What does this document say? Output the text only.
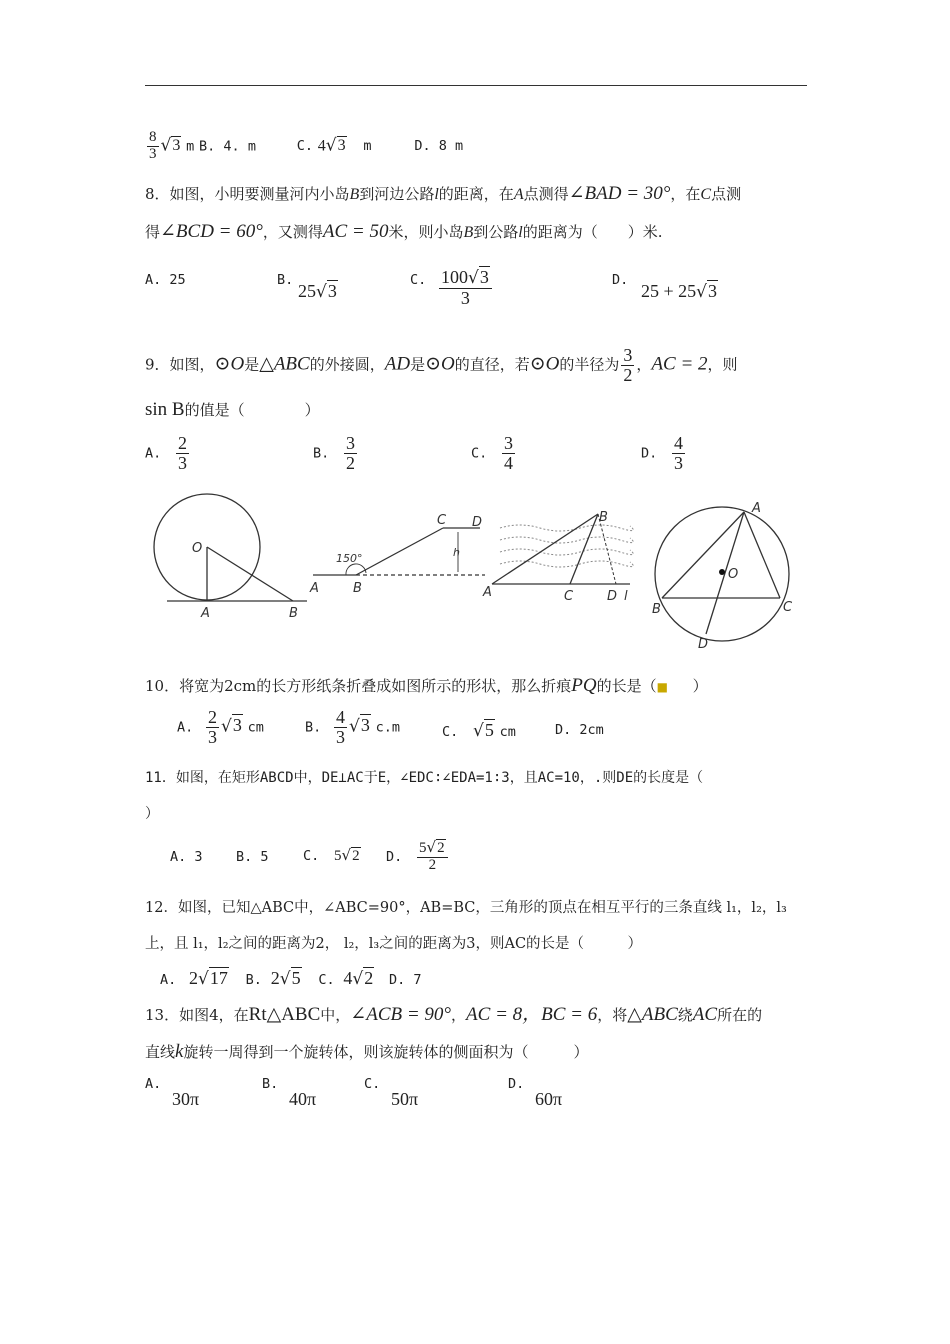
$\frac{8}{3} √3$ m B. 4. m	C. 4√3 m	D. 8 m
8．如图，小明要测量河内小岛B到河边公路l的距离，在A点测得∠BAD = 30°，在C点测
得∠BCD = 60°，又测得AC = 50米，则小岛B到公路l的距离为（　　）米.
A. 25	B.
25√3
C. $\frac{100√3}{3}$	D.
25 + 25√3
9．如图，⊙O是△ABC的外接圆，AD是⊙O的直径，若⊙O的半径为 $\frac{3}{2}$ ，AC = 2，则
sin B的值是（　　　　）
A. $\frac{2}{3}$	B. $\frac{3}{2}$	C. $\frac{3}{4}$	D. $\frac{4}{3}$
O
A	B
C D
150°	h
A	B
B
A	C	D l
A
O
B	C
D
10．将宽为2cm的长方形纸条折叠成如图所示的形状，那么折痕PQ的长是（■ ）
A. $\frac{2}{3} √3$ cm	B. $\frac{4}{3} √3$ c.m	C. √5 cm	D. 2cm
11．如图，在矩形ABCD中，DE⊥AC于E，∠EDC∶∠EDA=1∶3，且AC=10，.则DE的长度是（
）
A. 3 B. 5	C. 5√2 D. $\frac{5√2}{2}$
12．如图，已知△ABC中，∠ABC=90°，AB=BC，三角形的顶点在相互平行的三条直线 l₁，l₂，l₃
上，且 l₁，l₂之间的距离为2， l₂，l₃之间的距离为3，则AC的长是（　　　）
A. 2√17 B. 2√5 C. 4√2 D. 7
13．如图4，在Rt△ABC中，∠ACB = 90°，AC = 8，BC = 6，将△ABC绕AC所在的
直线k旋转一周得到一个旋转体，则该旋转体的侧面积为（　　　）
A.
30π
B.
40π
C.
50π
D.
60π
